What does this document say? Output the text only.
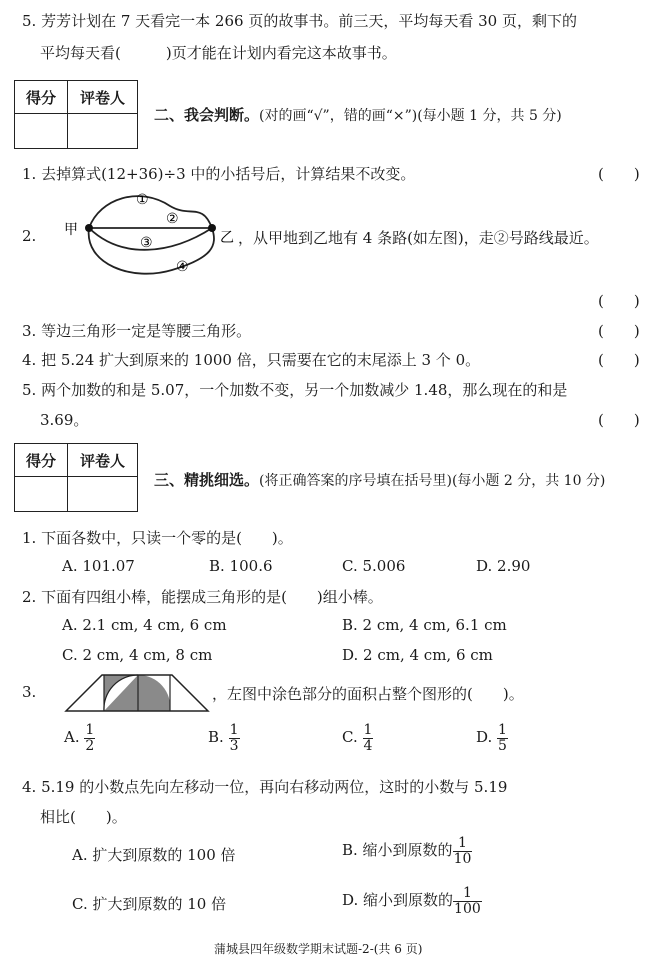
5. 芳芳计划在 7 天看完一本 266 页的故事书。前三天，平均每天看 30 页，剩下的
平均每天看(　　　)页才能在计划内看完这本故事书。
得分	评卷人

二、我会判断。(对的画“√”，错的画“×”)(每小题 1 分，共 5 分)
1. 去掉算式(12+36)÷3 中的小括号后，计算结果不改变。	(　　)
2. 甲	乙
①
②
③
④
，从甲地到乙地有 4 条路(如左图)，走②号路线最近。
(　　)
3. 等边三角形一定是等腰三角形。	(　　)
4. 把 5.24 扩大到原来的 1000 倍，只需要在它的末尾添上 3 个 0。	(　　)
5. 两个加数的和是 5.07，一个加数不变，另一个加数减少 1.48，那么现在的和是
3.69。	(　　)
得分	评卷人

三、精挑细选。(将正确答案的序号填在括号里)(每小题 2 分，共 10 分)
1. 下面各数中，只读一个零的是(　　)。
A. 101.07	B. 100.6	C. 5.006	D. 2.90
2. 下面有四组小棒，能摆成三角形的是(　　)组小棒。
A. 2.1 cm, 4 cm, 6 cm	B. 2 cm, 4 cm, 6.1 cm
C. 2 cm, 4 cm, 8 cm	D. 2 cm, 4 cm, 6 cm
3.	，左图中涂色部分的面积占整个图形的(　　)。
A. $\frac{1}{2}$	B. $\frac{1}{3}$	C. $\frac{1}{4}$	D. $\frac{1}{5}$
4. 5.19 的小数点先向左移动一位，再向右移动两位，这时的小数与 5.19
相比(　　)。
A. 扩大到原数的 100 倍	B. 缩小到原数的 $\frac{1}{10}$
C. 扩大到原数的 10 倍	D. 缩小到原数的 $\frac{1}{100}$
蒲城县四年级数学期末试题-2-(共 6 页)
